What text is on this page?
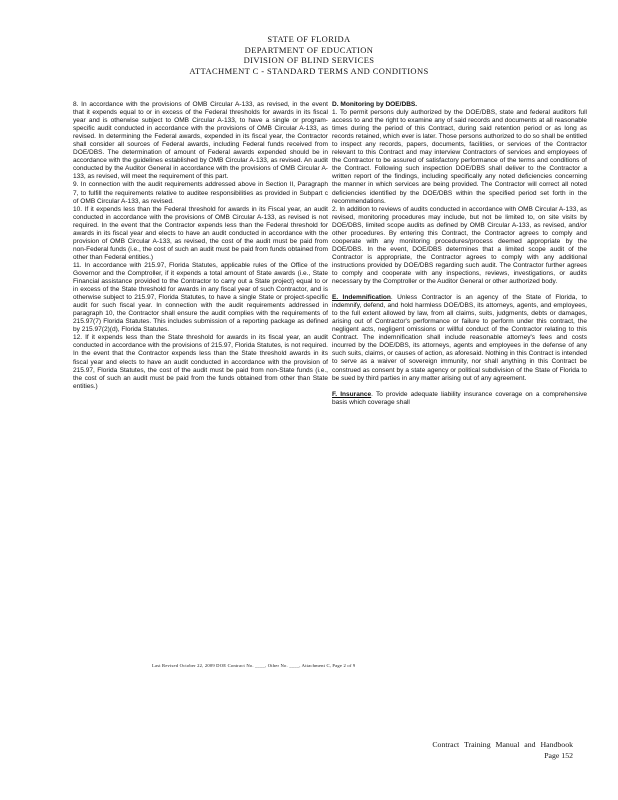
STATE OF FLORIDA
DEPARTMENT OF EDUCATION
DIVISION OF BLIND SERVICES
ATTACHMENT C - STANDARD TERMS AND CONDITIONS

8. In accordance with the provisions of OMB Circular A-133, as revised, in the event that it expends equal to or in excess of the Federal thresholds for awards in its fiscal year and is otherwise subject to OMB Circular A-133, to have a single or program-specific audit conducted in accordance with the provisions of OMB Circular A-133, as revised. In determining the Federal awards, expended in its fiscal year, the Contractor shall consider all sources of Federal awards, including Federal funds received from DOE/DBS. The determination of amount of Federal awards expended should be in accordance with the guidelines established by OMB Circular A-133, as revised. An audit conducted by the Auditor General in accordance with the provisions of OMB Circular A-133, as revised, will meet the requirement of this part.

9. In connection with the audit requirements addressed above in Section II, Paragraph 7, to fulfill the requirements relative to auditee responsibilities as provided in Subpart c of OMB Circular A-133, as revised.

10. If it expends less than the Federal threshold for awards in its Fiscal year, an audit conducted in accordance with the provisions of OMB Circular A-133, as revised is not required. In the event that the Contractor expends less than the Federal threshold for awards in its fiscal year and elects to have an audit conducted in accordance with the provision of OMB Circular A-133, as revised, the cost of the audit must be paid from non-Federal funds (i.e., the cost of such an audit must be paid from funds obtained from other than Federal entities.)

11. In accordance with 215.97, Florida Statutes, applicable rules of the Office of the Governor and the Comptroller, if it expends a total amount of State awards (i.e., State Financial assistance provided to the Contractor to carry out a State project) equal to or in excess of the State threshold for awards in any fiscal year of such Contractor, and is otherwise subject to 215.97, Florida Statutes, to have a single State or project-specific audit for such fiscal year. In connection with the audit requirements addressed in paragraph 10, the Contractor shall ensure the audit complies with the requirements of 215.97(7) Florida Statutes. This includes submission of a reporting package as defined by 215.97(2)(d), Florida Statutes.

12. If it expends less than the State threshold for awards in its fiscal year, an audit conducted in accordance with the provisions of 215.97, Florida Statutes, is not required. In the event that the Contractor expends less than the State threshold awards in its fiscal year and elects to have an audit conducted in accordance with the provision of 215.97, Florida Statutes, the cost of the audit must be paid from non-State funds (i.e., the cost of such an audit must be paid from the funds obtained from other than State entities.)

D. Monitoring by DOE/DBS.

1. To permit persons duly authorized by the DOE/DBS, state and federal auditors full access to and the right to examine any of said records and documents at all reasonable times during the period of this Contract, during said retention period or as long as records retained, which ever is later. Those persons authorized to do so shall be entitled to inspect any records, papers, documents, facilities, or services of the Contractor relevant to this Contract and may interview Contractors of services and employees of the Contractor to be assured of satisfactory performance of the terms and conditions of the Contract. Following such inspection DOE/DBS shall deliver to the Contractor a written report of the findings, including specifically any noted deficiencies concerning the manner in which services are being provided. The Contractor will correct all noted deficiencies identified by the DOE/DBS within the specified period set forth in the recommendations.

2. In addition to reviews of audits conducted in accordance with OMB Circular A-133, as revised, monitoring procedures may include, but not be limited to, on site visits by DOE/DBS, limited scope audits as defined by OMB Circular A-133, as revised, and/or other procedures. By entering this Contract, the Contractor agrees to comply and cooperate with any monitoring procedures/process deemed appropriate by the DOE/DBS. In the event, DOE/DBS determines that a limited scope audit of the Contractor is appropriate, the Contractor agrees to comply with any additional instructions provided by DOE/DBS regarding such audit. The Contractor further agrees to comply and cooperate with any inspections, reviews, investigations, or audits necessary by the Comptroller or the Auditor General or other authorized body.

E. Indemnification. Unless Contractor is an agency of the State of Florida, to indemnify, defend, and hold harmless DOE/DBS, its attorneys, agents, and employees, to the full extent allowed by law, from all claims, suits, judgments, debts or damages, arising out of Contractor's performance or failure to perform under this contract, the negligent acts, negligent omissions or willful conduct of the Contractor relating to this Contract. The indemnification shall include reasonable attorney's fees and costs incurred by the DOE/DBS, its attorneys, agents and employees in the defense of any such suits, claims, or causes of action, as aforesaid. Nothing in this Contract is intended to serve as a waiver of sovereign immunity, nor shall anything in this Contract be construed as consent by a state agency or political subdivision of the State of Florida to be sued by third parties in any matter arising out of any agreement.

F. Insurance. To provide adequate liability insurance coverage on a comprehensive basis which coverage shall

Last Revised October 22, 2009 DOE Contract No. ____, Other No. ____, Attachment C, Page 2 of 9
Contract Training Manual and Handbook
Page 152
